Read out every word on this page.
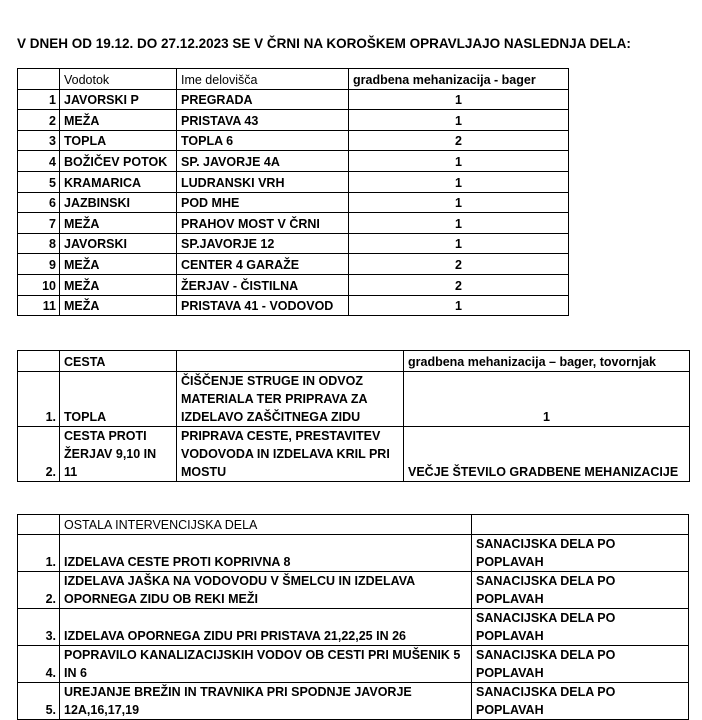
V DNEH OD 19.12. DO 27.12.2023 SE V ČRNI NA KOROŠKEM OPRAVLJAJO NASLEDNJA DELA:
	Vodotok	Ime delovišča	gradbena mehanizacija - bager
1	JAVORSKI P	PREGRADA	1
2	MEŽA	PRISTAVA 43	1
3	TOPLA	TOPLA 6	2
4	BOŽIČEV POTOK	SP. JAVORJE 4A	1
5	KRAMARICA	LUDRANSKI VRH	1
6	JAZBINSKI	POD MHE	1
7	MEŽA	PRAHOV MOST V ČRNI	1
8	JAVORSKI	SP.JAVORJE 12	1
9	MEŽA	CENTER 4 GARAŽE	2
10	MEŽA	ŽERJAV - ČISTILNA	2
11	MEŽA	PRISTAVA 41 - VODOVOD	1
	CESTA		gradbena mehanizacija – bager, tovornjak
1.	TOPLA	ČIŠČENJE STRUGE IN ODVOZ MATERIALA TER PRIPRAVA ZA IZDELAVO ZAŠČITNEGA ZIDU	1
2.	CESTA PROTI ŽERJAV 9,10 IN 11	PRIPRAVA CESTE, PRESTAVITEV VODOVODA IN IZDELAVA KRIL PRI MOSTU	VEČJE ŠTEVILO GRADBENE MEHANIZACIJE
	OSTALA INTERVENCIJSKA DELA	
1.	IZDELAVA CESTE PROTI KOPRIVNA 8	SANACIJSKA DELA PO POPLAVAH
2.	IZDELAVA JAŠKA NA VODOVODU V ŠMELCU IN IZDELAVA OPORNEGA ZIDU OB REKI MEŽI	SANACIJSKA DELA PO POPLAVAH
3.	IZDELAVA OPORNEGA ZIDU PRI PRISTAVA 21,22,25 IN 26	SANACIJSKA DELA PO POPLAVAH
4.	POPRAVILO KANALIZACIJSKIH VODOV OB CESTI PRI MUŠENIK 5 IN 6	SANACIJSKA DELA PO POPLAVAH
5.	UREJANJE BREŽIN IN TRAVNIKA PRI SPODNJE JAVORJE 12A,16,17,19	SANACIJSKA DELA PO POPLAVAH
